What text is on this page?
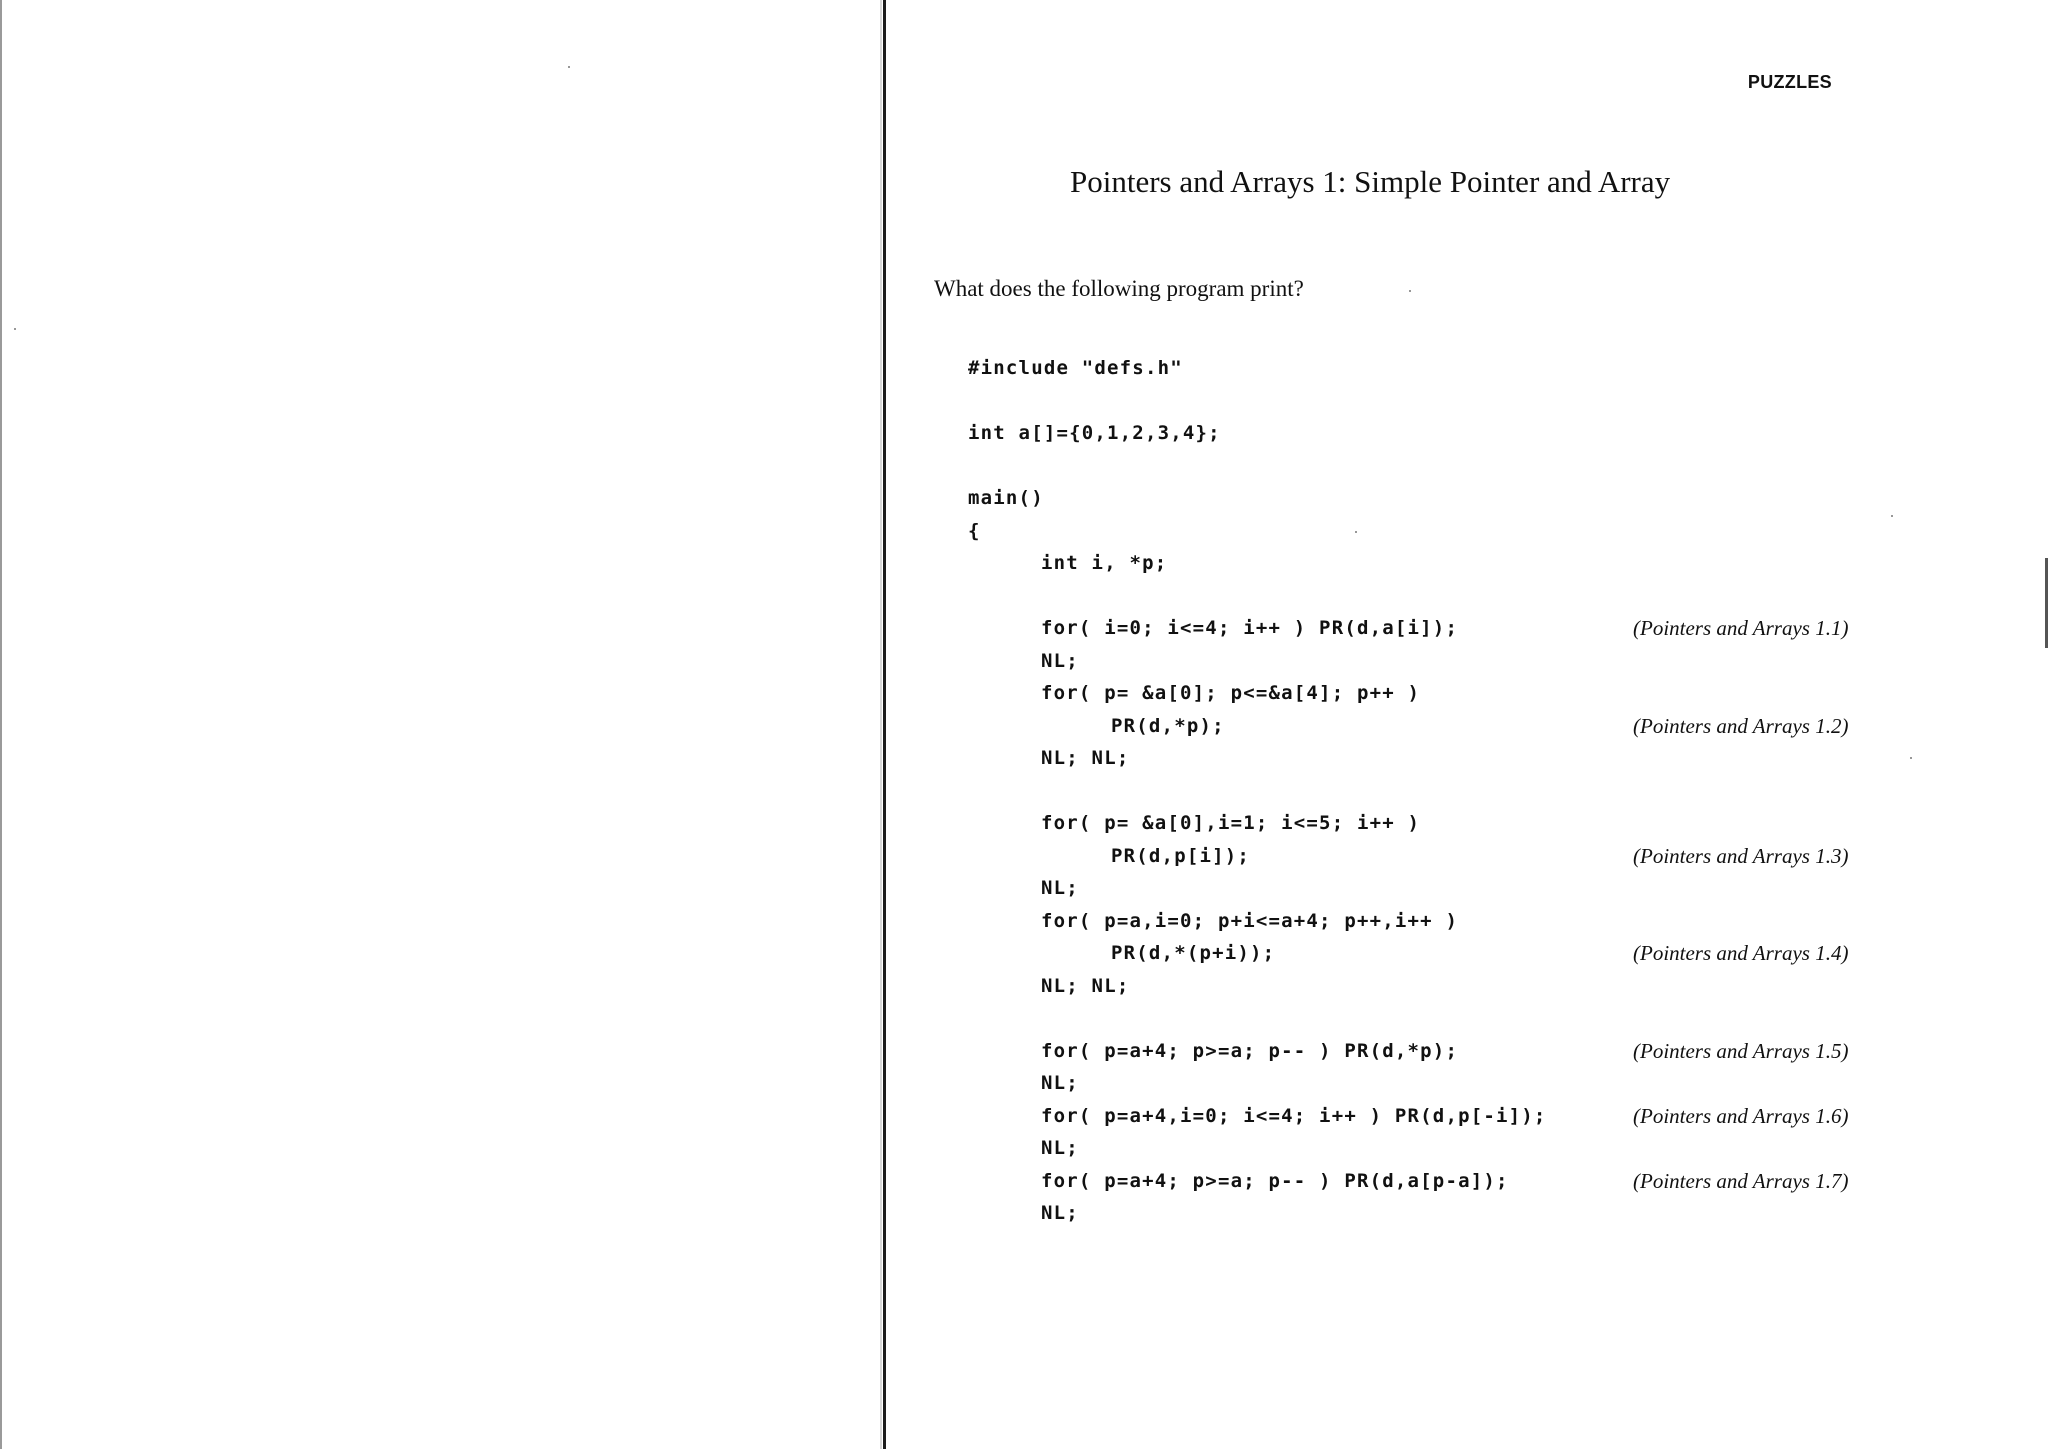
PUZZLES
Pointers and Arrays 1: Simple Pointer and Array
What does the following program print?
#include "defs.h"
int a[]={0,1,2,3,4};
main()
{
int i, *p;
for( i=0; i<=4; i++ ) PR(d,a[i]);	(Pointers and Arrays 1.1)
NL;
for( p= &a[0]; p<=&a[4]; p++ )
PR(d,*p);	(Pointers and Arrays 1.2)
NL; NL;
for( p= &a[0],i=1; i<=5; i++ )
PR(d,p[i]);	(Pointers and Arrays 1.3)
NL;
for( p=a,i=0; p+i<=a+4; p++,i++ )
PR(d,*(p+i));	(Pointers and Arrays 1.4)
NL; NL;
for( p=a+4; p>=a; p-- ) PR(d,*p);	(Pointers and Arrays 1.5)
NL;
for( p=a+4,i=0; i<=4; i++ ) PR(d,p[-i]);	(Pointers and Arrays 1.6)
NL;
for( p=a+4; p>=a; p-- ) PR(d,a[p-a]);	(Pointers and Arrays 1.7)
NL;
